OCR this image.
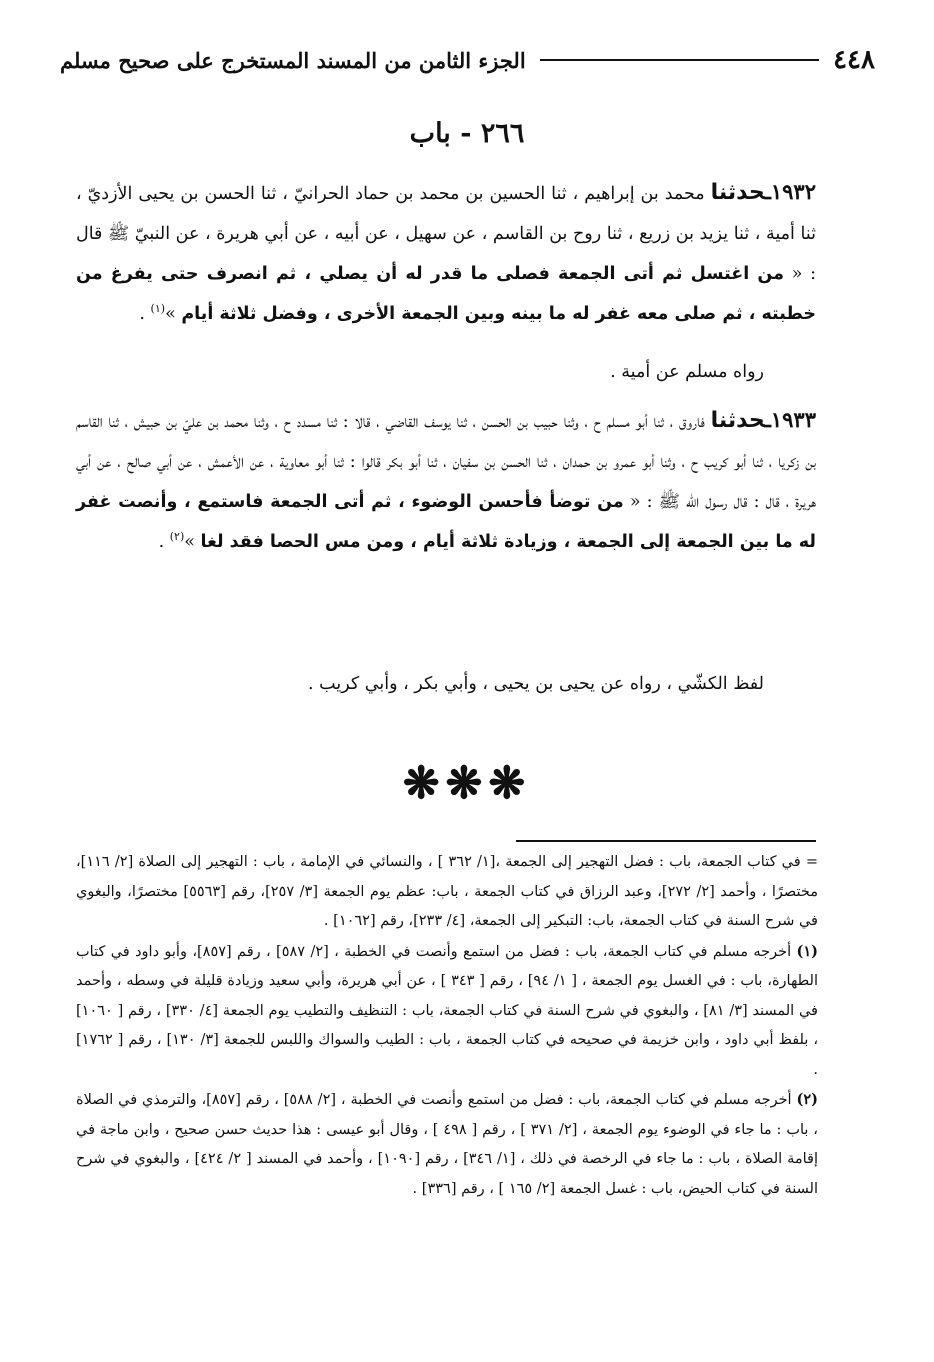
٤٤٨
الجزء الثامن من المسند المستخرج على صحيح مسلم
٢٦٦ - باب
١٩٣٢ـحدثنا محمد بن إبراهيم ، ثنا الحسين بن محمد بن حماد الحرانيّ ، ثنا الحسن بن يحيى الأزديّ ، ثنا أمية ، ثنا يزيد بن زريع ، ثنا روح بن القاسم ، عن سهيل ، عن أبيه ، عن أبي هريرة ، عن النبيّ ﷺ قال : « من اغتسل ثم أتى الجمعة فصلى ما قدر له أن يصلي ، ثم انصرف حتى يفرغ من خطبته ، ثم صلى معه غفر له ما بينه وبين الجمعة الأخرى ، وفضل ثلاثة أيام »$^{(١)}$ .
رواه مسلم عن أمية .
١٩٣٣ـحدثنا فاروق ، ثنا أبو مسلم ح ، وثنا حبيب بن الحسن ، ثنا يوسف القاضي ، قالا : ثنا مسدد ح ، وثنا محمد بن عليّ بن حبيش ، ثنا القاسم بن زكريا ، ثنا أبو كريب ح ، وثنا أبو عمرو بن حمدان ، ثنا الحسن بن سفيان ، ثنا أبو بكر قالوا : ثنا أبو معاوية ، عن الأعمش ، عن أبي صالح ، عن أبي هريرة ، قال : قال رسول الله ﷺ : « من توضأ فأحسن الوضوء ، ثم أتى الجمعة فاستمع ، وأنصت غفر له ما بين الجمعة إلى الجمعة ، وزيادة ثلاثة أيام ، ومن مس الحصا فقد لغا »$^{(٢)}$ .
لفظ الكشّي ، رواه عن يحيى بن يحيى ، وأبي بكر ، وأبي كريب .
❋❋❋

= في كتاب الجمعة، باب : فضل التهجير إلى الجمعة ،[١/ ٣٦٢ ] ، والنسائي في الإمامة ، باب : التهجير إلى الصلاة [٢/ ١١٦]، مختصرًا ، وأحمد [٢/ ٢٧٢]، وعبد الرزاق في كتاب الجمعة ، باب: عظم يوم الجمعة [٣/ ٢٥٧]، رقم [٥٥٦٣] مختصرًا، والبغوي في شرح السنة في كتاب الجمعة، باب: التبكير إلى الجمعة، [٤/ ٢٣٣]، رقم [١٠٦٢] .

(١) أخرجه مسلم في كتاب الجمعة، باب : فضل من استمع وأنصت في الخطبة ، [٢/ ٥٨٧] ، رقم [٨٥٧]، وأبو داود في كتاب الطهارة، باب : في الغسل يوم الجمعة ، [ ١/ ٩٤] ، رقم [ ٣٤٣ ] ، عن أبي هريرة، وأبي سعيد وزيادة قليلة في وسطه ، وأحمد في المسند [٣/ ٨١] ، والبغوي في شرح السنة في كتاب الجمعة، باب : التنظيف والتطيب يوم الجمعة [٤/ ٣٣٠] ، رقم [ ١٠٦٠] ، بلفظ أبي داود ، وابن خزيمة في صحيحه في كتاب الجمعة ، باب : الطيب والسواك واللبس للجمعة [٣/ ١٣٠] ، رقم [ ١٧٦٢] .

(٢) أخرجه مسلم في كتاب الجمعة، باب : فضل من استمع وأنصت في الخطبة ، [٢/ ٥٨٨] ، رقم [٨٥٧]، والترمذي في الصلاة ، باب : ما جاء في الوضوء يوم الجمعة ، [٢/ ٣٧١ ] ، رقم [ ٤٩٨ ] ، وقال أبو عيسى : هذا حديث حسن صحيح ، وابن ماجة في إقامة الصلاة ، باب : ما جاء في الرخصة في ذلك ، [١/ ٣٤٦] ، رقم [١٠٩٠] ، وأحمد في المسند [ ٢/ ٤٢٤] ، والبغوي في شرح السنة في كتاب الحيض، باب : غسل الجمعة [٢/ ١٦٥ ] ، رقم [٣٣٦] .
